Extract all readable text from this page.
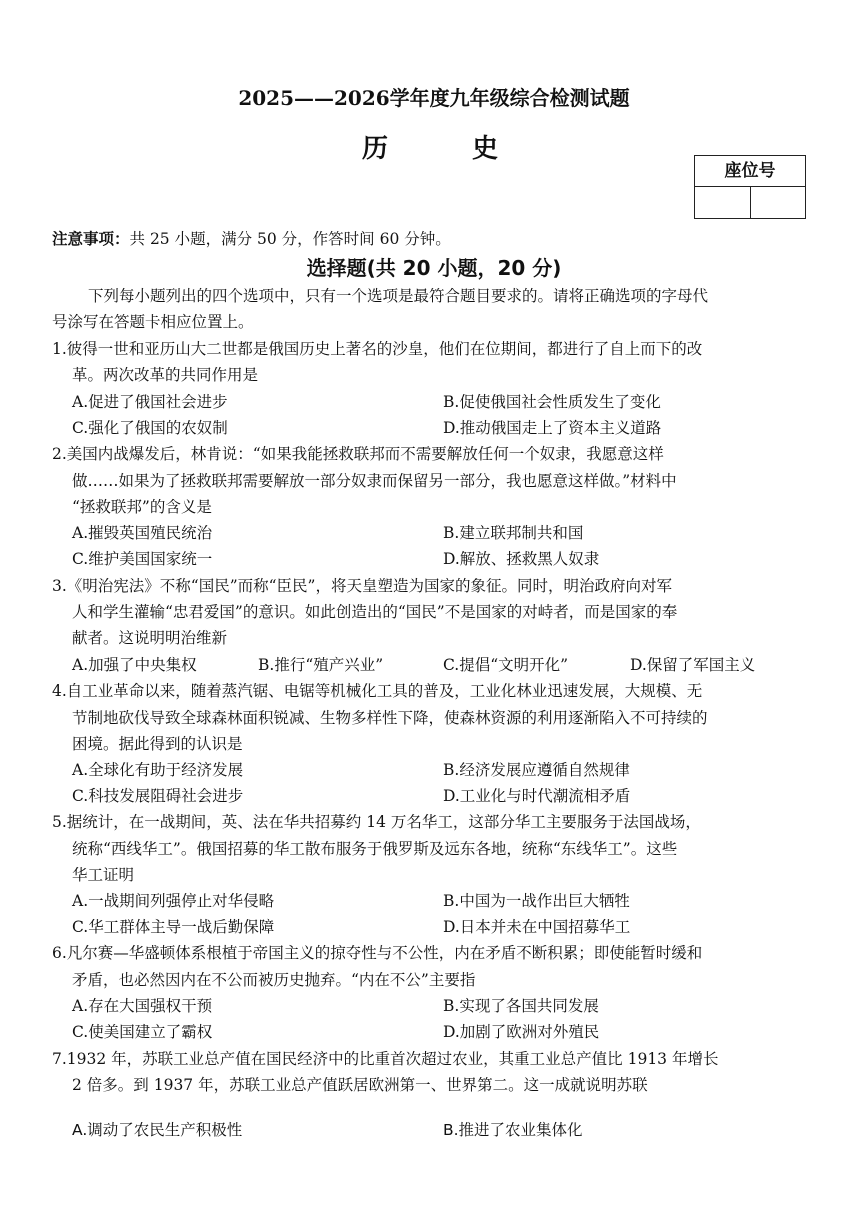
2025——2026学年度九年级综合检测试题
历	史
座位号
注意事项：共 25 小题，满分 50 分，作答时间 60 分钟。
选择题(共 20 小题，20 分)
下列每小题列出的四个选项中，只有一个选项是最符合题目要求的。请将正确选项的字母代
号涂写在答题卡相应位置上。
1.彼得一世和亚历山大二世都是俄国历史上著名的沙皇，他们在位期间，都进行了自上而下的改
革。两次改革的共同作用是
A.促进了俄国社会进步	B.促使俄国社会性质发生了变化
C.强化了俄国的农奴制	D.推动俄国走上了资本主义道路
2.美国内战爆发后，林肯说：“如果我能拯救联邦而不需要解放任何一个奴隶，我愿意这样
做……如果为了拯救联邦需要解放一部分奴隶而保留另一部分，我也愿意这样做。”材料中
“拯救联邦”的含义是
A.摧毁英国殖民统治	B.建立联邦制共和国
C.维护美国国家统一	D.解放、拯救黑人奴隶
3.《明治宪法》不称“国民”而称“臣民”，将天皇塑造为国家的象征。同时，明治政府向对军
人和学生灌输“忠君爱国”的意识。如此创造出的“国民”不是国家的对峙者，而是国家的奉
献者。这说明明治维新
A.加强了中央集权	B.推行“殖产兴业”	C.提倡“文明开化”	D.保留了军国主义
4.自工业革命以来，随着蒸汽锯、电锯等机械化工具的普及，工业化林业迅速发展，大规模、无
节制地砍伐导致全球森林面积锐减、生物多样性下降，使森林资源的利用逐渐陷入不可持续的
困境。据此得到的认识是
A.全球化有助于经济发展	B.经济发展应遵循自然规律
C.科技发展阻碍社会进步	D.工业化与时代潮流相矛盾
5.据统计，在一战期间，英、法在华共招募约 14 万名华工，这部分华工主要服务于法国战场，
统称“西线华工”。俄国招募的华工散布服务于俄罗斯及远东各地，统称“东线华工”。这些
华工证明
A.一战期间列强停止对华侵略	B.中国为一战作出巨大牺牲
C.华工群体主导一战后勤保障	D.日本并未在中国招募华工
6.凡尔赛—华盛顿体系根植于帝国主义的掠夺性与不公性，内在矛盾不断积累；即使能暂时缓和
矛盾，也必然因内在不公而被历史抛弃。“内在不公”主要指
A.存在大国强权干预	B.实现了各国共同发展
C.使美国建立了霸权	D.加剧了欧洲对外殖民
7.1932 年，苏联工业总产值在国民经济中的比重首次超过农业，其重工业总产值比 1913 年增长
2 倍多。到 1937 年，苏联工业总产值跃居欧洲第一、世界第二。这一成就说明苏联
A.调动了农民生产积极性	B.推进了农业集体化
